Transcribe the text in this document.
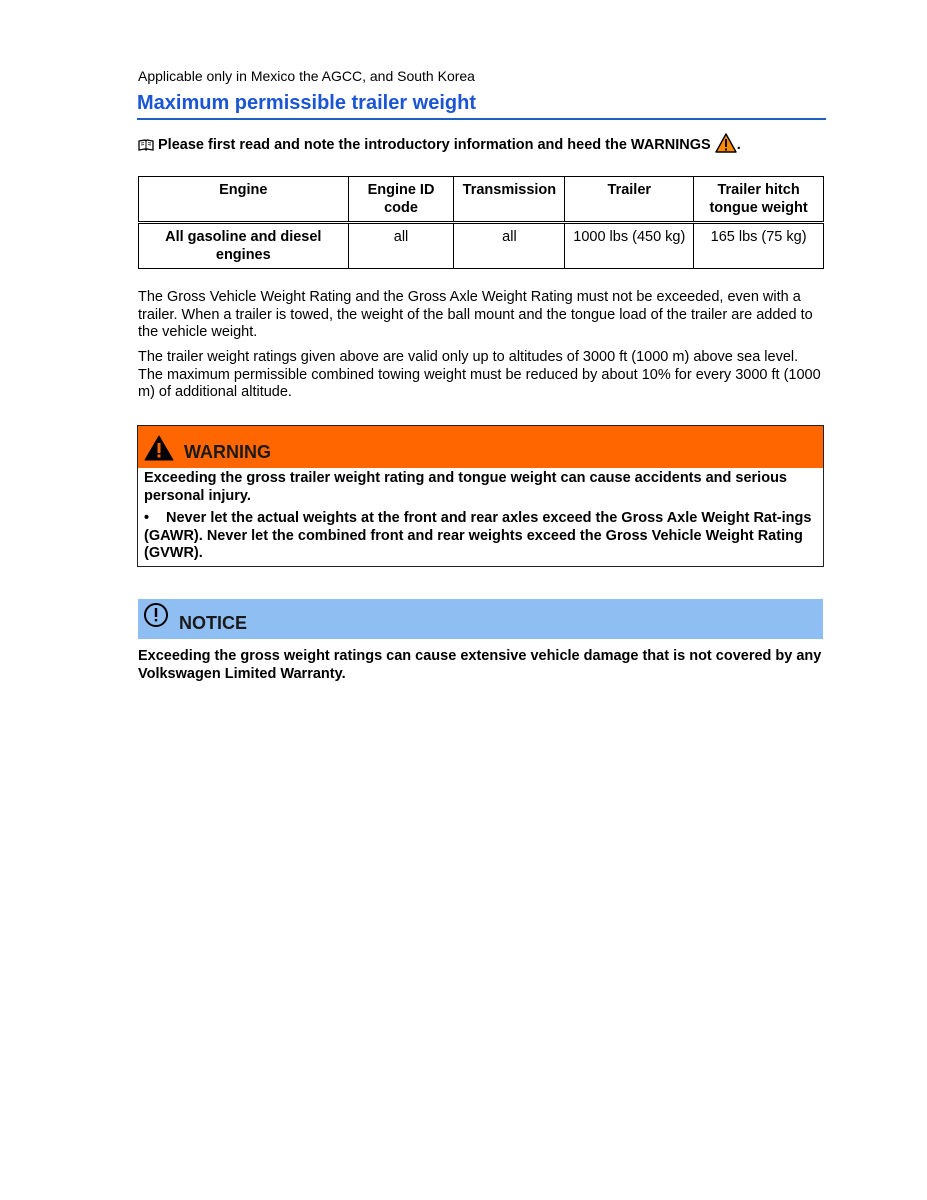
Applicable only in Mexico the AGCC, and South Korea
Maximum permissible trailer weight
Please first read and note the introductory information and heed the WARNINGS .
Engine	Engine ID code	Transmission	Trailer	Trailer hitch tongue weight
All gasoline and diesel engines	all	all	1000 lbs (450 kg)	165 lbs (75 kg)

The Gross Vehicle Weight Rating and the Gross Axle Weight Rating must not be exceeded, even with a trailer. When a trailer is towed, the weight of the ball mount and the tongue load of the trailer are added to the vehicle weight.

The trailer weight ratings given above are valid only up to altitudes of 3000 ft (1000 m) above sea level. The maximum permissible combined towing weight must be reduced by about 10% for every 3000 ft (1000 m) of additional altitude.

WARNING

Exceeding the gross trailer weight rating and tongue weight can cause accidents and serious personal injury.

• Never let the actual weights at the front and rear axles exceed the Gross Axle Weight Rat-ings (GAWR). Never let the combined front and rear weights exceed the Gross Vehicle Weight Rating (GVWR).

NOTICE

Exceeding the gross weight ratings can cause extensive vehicle damage that is not covered by any Volkswagen Limited Warranty.
